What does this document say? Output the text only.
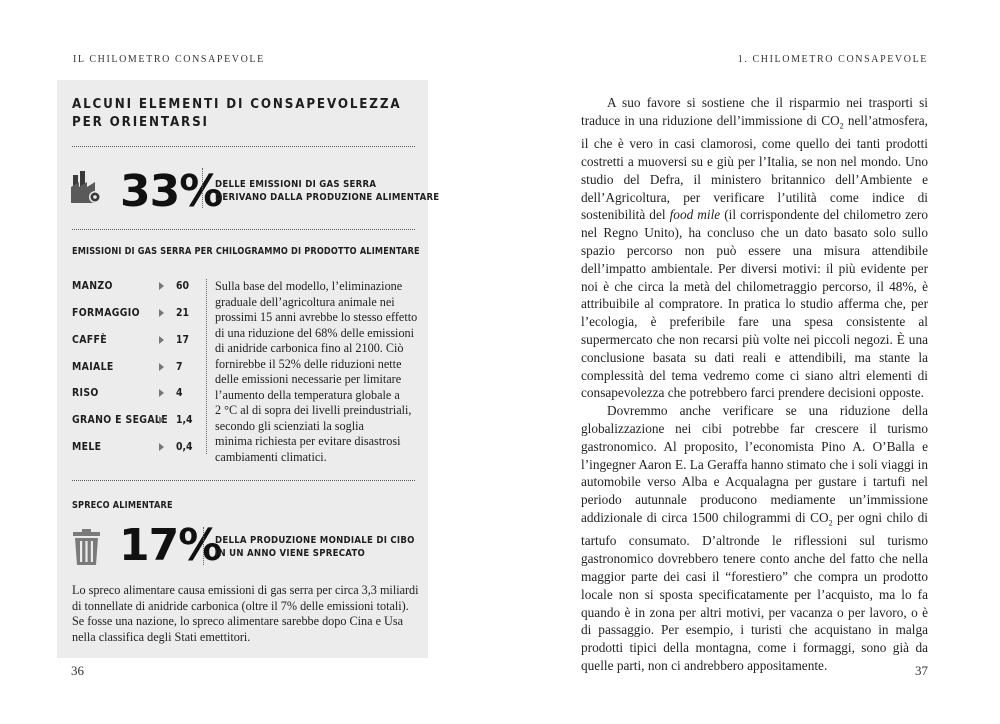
IL CHILOMETRO CONSAPEVOLE	1. CHILOMETRO CONSAPEVOLE
ALCUNI ELEMENTI DI CONSAPEVOLEZZA
PER ORIENTARSI
33%
DELLE EMISSIONI DI GAS SERRA
DERIVANO DALLA PRODUZIONE ALIMENTARE
EMISSIONI DI GAS SERRA PER CHILOGRAMMO DI PRODOTTO ALIMENTARE
MANZO	60
FORMAGGIO	21
CAFFÈ	17
MAIALE	7
RISO	4
GRANO E SEGALE 1,4
MELE	0,4
Sulla base del modello, l’eliminazione
graduale dell’agricoltura animale nei
prossimi 15 anni avrebbe lo stesso effetto
di una riduzione del 68% delle emissioni
di anidride carbonica fino al 2100. Ciò
fornirebbe il 52% delle riduzioni nette
delle emissioni necessarie per limitare
l’aumento della temperatura globale a
2 °C al di sopra dei livelli preindustriali,
secondo gli scienziati la soglia
minima richiesta per evitare disastrosi
cambiamenti climatici.
SPRECO ALIMENTARE
17%
DELLA PRODUZIONE MONDIALE DI CIBO
IN UN ANNO VIENE SPRECATO
Lo spreco alimentare causa emissioni di gas serra per circa 3,3 miliardi
di tonnellate di anidride carbonica (oltre il 7% delle emissioni totali).
Se fosse una nazione, lo spreco alimentare sarebbe dopo Cina e Usa
nella classifica degli Stati emettitori.
36

A suo favore si sostiene che il risparmio nei trasporti si traduce in una riduzione dell’immissione di $CO_2$ nell’atmosfera, il che è vero in casi clamorosi, come quello dei tanti prodotti costretti a muoversi su e giù per l’Italia, se non nel mondo. Uno studio del Defra, il ministero britannico dell’Ambiente e dell’Agricoltura, per verificare l’utilità come indice di sostenibilità del food mile (il corrispondente del chilometro zero nel Regno Unito), ha concluso che un dato basato solo sullo spazio percorso non può essere una misura attendibile dell’impatto ambientale. Per diversi motivi: il più evidente per noi è che circa la metà del chilometraggio percorso, il 48%, è attribuibile al compratore. In pratica lo studio afferma che, per l’ecologia, è preferibile fare una spesa consistente al supermercato che non recarsi più volte nei piccoli negozi. È una conclusione basata su dati reali e attendibili, ma stante la complessità del tema vedremo come ci siano altri elementi di consapevolezza che potrebbero farci prendere decisioni opposte.

Dovremmo anche verificare se una riduzione della globalizzazione nei cibi potrebbe far crescere il turismo gastronomico. Al proposito, l’economista Pino A. O’Balla e l’ingegner Aaron E. La Geraffa hanno stimato che i soli viaggi in automobile verso Alba e Acqualagna per gustare i tartufi nel periodo autunnale producono mediamente un’immissione addizionale di circa 1500 chilogrammi di $CO_2$ per ogni chilo di tartufo consumato. D’altronde le riflessioni sul turismo gastronomico dovrebbero tenere conto anche del fatto che nella maggior parte dei casi il “forestiero” che compra un prodotto locale non si sposta specificatamente per l’acquisto, ma lo fa quando è in zona per altri motivi, per vacanza o per lavoro, o è di passaggio. Per esempio, i turisti che acquistano in malga prodotti tipici della montagna, come i formaggi, sono già da quelle parti, non ci andrebbero appositamente.	37
